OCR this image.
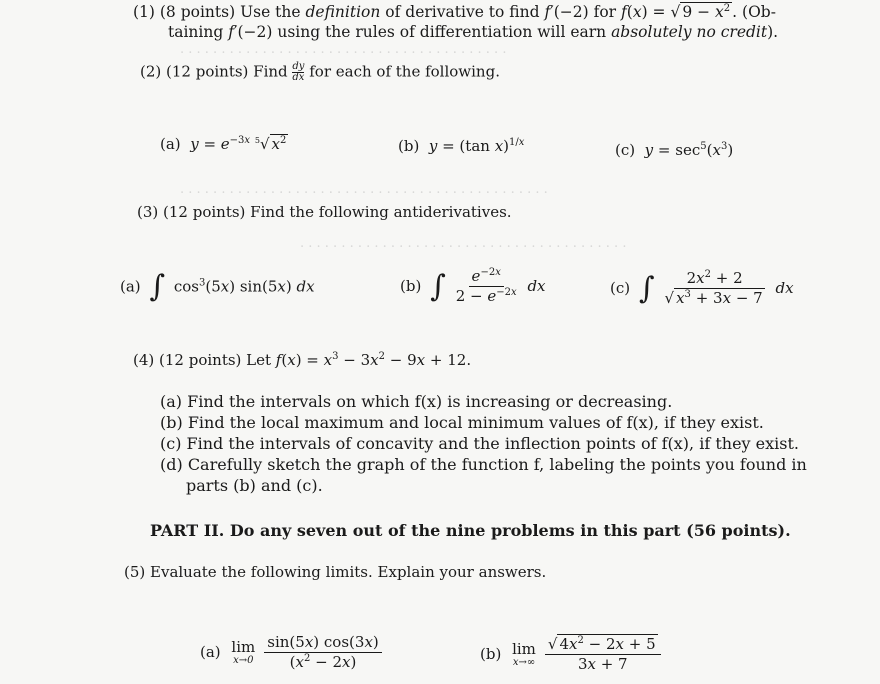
. . . . . . . . . . . . . . . . . . . . . . . . . . . . . . . . . . . . . . . .
. . . . . . . . . . . . . . . . . . . . . . . . . . . . . . . . . . . . . . . . . . . . .
. . . . . . . . . . . . . . . . . . . . . . . . . . . . . . . . . . . . . . . .
(1) (8 points) Use the definition of derivative to find f′(−2) for f(x) = √ $9 - x^2$ . (Ob-
taining f′(−2) using the rules of differentiation will earn absolutely no credit).
(2) (12 points) Find $\frac{dy}{dx}$ for each of the following.
(a)  $y = e^{-3x}$ $^5$√ $x^2$	(b)  y = (tan x)$^{1/x}$	(c)  $y = \sec^5(x^3)$
(3) (12 points) Find the following antiderivatives.
(a) ∫ $\cos^3(5x)$ sin(5x) dx	(b) ∫ $\frac{e^{-2x}}{2 - e^{-2x}}$ dx	(c) ∫ $\frac{2x^2 + 2}{√ x^3 + 3x - 7}$ dx
(4) (12 points) Let $f(x) = x^3 - 3x^2 - 9x + 12$.
(a) Find the intervals on which f(x) is increasing or decreasing.
(b) Find the local maximum and local minimum values of f(x), if they exist.
(c) Find the intervals of concavity and the inflection points of f(x), if they exist.
(d) Carefully sketch the graph of the function f, labeling the points you found in
parts (b) and (c).
PART II. Do any seven out of the nine problems in this part (56 points).
(5) Evaluate the following limits. Explain your answers.
(a) lim
$x\to 0 \frac{\sin(5x) \cos(3x)}{(x^2 - 2x)}$	(b) lim
$x\to\infty \frac{√ 4x^2 - 2x + 5}{3x + 7}$
